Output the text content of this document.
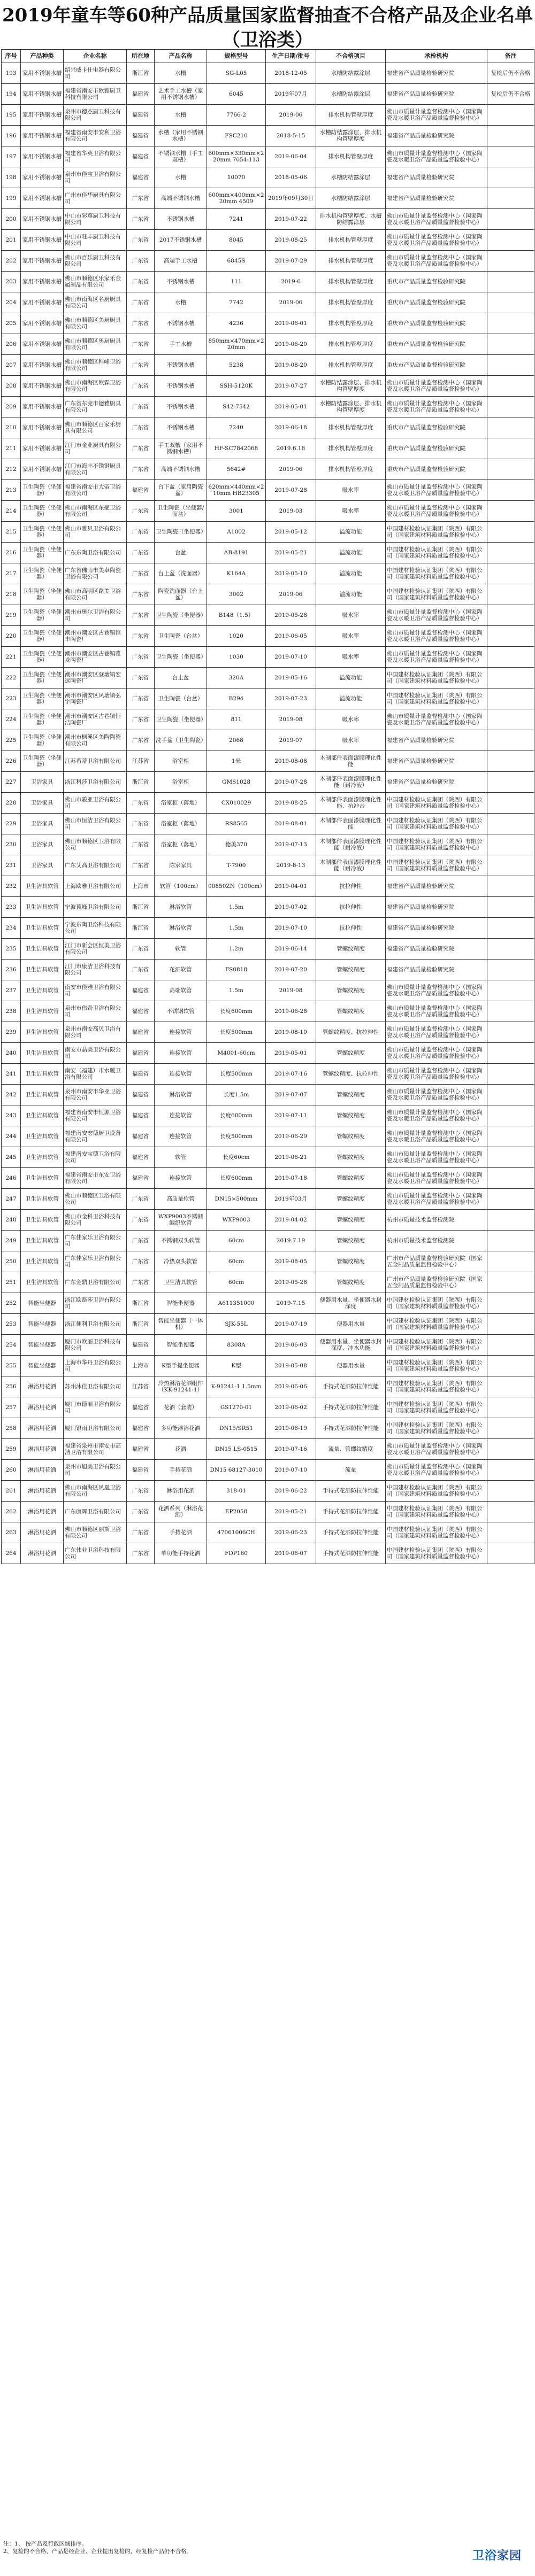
2019年童车等60种产品质量国家监督抽查不合格产品及企业名单（卫浴类）
序号	产品种类	企业名称	所在地	产品名称	规格型号	生产日期/批号	不合格项目	承检机构	备注
193	家用不锈钢水槽	绍兴威卡仕电器有限公司	浙江省	水槽	SG-L05	2018-12-05	水槽防结露涂层	福建省产品质量检验研究院	复检后仍不合格
194	家用不锈钢水槽	福建省南安市欧雅厨卫科技有限公司	福建省	艺术手工水槽（家用不锈钢水槽）	6045	2019年07月	水槽防结露涂层	福建省产品质量检验研究院	复检后仍不合格
195	家用不锈钢水槽	泉州市德杰厨卫科技有限公司	福建省	水槽	7766-2	2019-06	排水机构管壁厚度	佛山市质量计量监督检测中心（国家陶瓷及水暖卫浴产品质量监督检验中心）	
196	家用不锈钢水槽	福建省南安市安利卫浴有限公司	福建省	水槽（家用不锈钢水槽）	FSC210	2018-5-15	水槽防结露涂层、排水机构管壁厚度	福建省产品质量检验研究院	
197	家用不锈钢水槽	福建省华英卫浴有限公司	福建省	不锈钢水槽（手工双槽）	600mm×330mm×220mm 7054-113	2019-06-04	排水机构管壁厚度	佛山市质量计量监督检测中心（国家陶瓷及水暖卫浴产品质量监督检验中心）	
198	家用不锈钢水槽	泉州市佳宝卫浴有限公司	福建省	水槽	10070	2018-05-06	水槽防结露涂层	福建省产品质量检验研究院	
199	家用不锈钢水槽	广州市佳华厨具有限公司	广东省	高端不锈钢水槽	600mm×400mm×220mm 4509	2019年09月30日	水槽防结露涂层	福建省产品质量检验研究院	
200	家用不锈钢水槽	中山市彩尊厨卫科技有限公司	广东省	不锈钢水槽	7241	2019-07-22	排水机构管壁厚度、水槽防结露涂层	佛山市质量计量监督检测中心（国家陶瓷及水暖卫浴产品质量监督检验中心）	
201	家用不锈钢水槽	中山市旺丰厨卫科技有限公司	广东省	2017不锈钢水槽	8045	2019-08-25	排水机构管壁厚度	佛山市质量计量监督检测中心（国家陶瓷及水暖卫浴产品质量监督检验中心）	
202	家用不锈钢水槽	佛山市百乐厨卫科技有限公司	广东省	高端手工水槽	6845S	2019-07-29	排水机构管壁厚度	佛山市质量计量监督检测中心（国家陶瓷及水暖卫浴产品质量监督检验中心）	
203	家用不锈钢水槽	佛山市顺德区乐家乐金属制品有限公司	广东省	不锈钢水槽	111	2019-6	排水机构管壁厚度	重庆市产品质量监督检验研究院	
204	家用不锈钢水槽	佛山市南海区名厨厨具有限公司	广东省	水槽	7742	2019-06	排水机构管壁厚度	重庆市产品质量监督检验研究院	
205	家用不锈钢水槽	佛山市顺德区美厨厨具有限公司	广东省	不锈钢水槽	4236	2019-06-01	排水机构管壁厚度	重庆市产品质量监督检验研究院	
206	家用不锈钢水槽	佛山市顺德区奥厨厨具有限公司	广东省	手工水槽	850mm×470mm×220mm	2019-06-20	排水机构管壁厚度	重庆市产品质量监督检验研究院	
207	家用不锈钢水槽	佛山市顺德区科峰卫浴有限公司	广东省	不锈钢水槽	5238	2019-08-20	排水机构管壁厚度	重庆市产品质量监督检验研究院	
208	家用不锈钢水槽	佛山市南海区欧霖卫浴有限公司	广东省	不锈钢水槽	SSH-5120K	2019-07-27	水槽防结露涂层、排水机构管壁厚度	佛山市质量计量监督检测中心（国家陶瓷及水暖卫浴产品质量监督检验中心）	
209	家用不锈钢水槽	广东省东莞市德雅厨具有限公司	广东省	不锈钢水槽	S42-7542	2019-05-01	水槽防结露涂层、排水机构管壁厚度	佛山市质量计量监督检测中心（国家陶瓷及水暖卫浴产品质量监督检验中心）	
210	家用不锈钢水槽	佛山市顺德区百家乐厨具有限公司	广东省	不锈钢水槽	7240	2019-06-18	排水机构管壁厚度	重庆市产品质量监督检验研究院	
211	家用不锈钢水槽	江门市金业厨具有限公司	广东省	手工双槽（家用不锈钢水槽）	HF-SC7842068	2019.6.18	排水机构管壁厚度	重庆市产品质量监督检验研究院	
212	家用不锈钢水槽	江门市海丰不锈钢厨具有限公司	广东省	高端不锈钢水槽	5642#	2019-06	排水机构管壁厚度	重庆市产品质量监督检验研究院	
213	卫生陶瓷（坐便器）	福建省南安市大帝卫浴有限公司	福建省	台下盆（家用陶瓷盆）	620mm×440mm×210mm HB23305	2019-07-28	吸水率	佛山市质量计量监督检测中心（国家陶瓷及水暖卫浴产品质量监督检验中心）	
214	卫生陶瓷（坐便器）	佛山市南海区东豪卫浴有限公司	广东省	卫生陶瓷（坐便器/面盆）	3001	2019-03	吸水率	佛山市质量计量监督检测中心（国家陶瓷及水暖卫浴产品质量监督检验中心）	
215	卫生陶瓷（坐便器）	佛山市雅贝卫浴有限公司	广东省	卫生陶瓷（坐便器）	A1002	2019-05-12	溢流功能	中国建材检验认证集团（陕西）有限公司（国家建筑材料质量监督检验中心）	
216	卫生陶瓷（坐便器）	广东东陶卫浴有限公司	广东省	台盆	AB-8191	2019-05-21	溢流功能	中国建材检验认证集团（陕西）有限公司（国家建筑材料质量监督检验中心）	
217	卫生陶瓷（坐便器）	广东省佛山市美卓陶瓷卫浴有限公司	广东省	台上盆（洗面器）	K164A	2019-05-10	溢流功能	中国建材检验认证集团（陕西）有限公司（国家建筑材料质量监督检验中心）	
218	卫生陶瓷（坐便器）	佛山市高明区路美卫浴有限公司	广东省	陶瓷洗面器（台上盆）	3002	2019-06	溢流功能	中国建材检验认证集团（陕西）有限公司（国家建筑材料质量监督检验中心）	
219	卫生陶瓷（坐便器）	潮州市奥尔卫浴有限公司	广东省	卫生陶瓷（坐便器）	B148（1.5）	2019-05-28	吸水率	佛山市质量计量监督检测中心（国家陶瓷及水暖卫浴产品质量监督检验中心）	
220	卫生陶瓷（坐便器）	潮州市潮安区古巷镇恒丰陶瓷厂	广东省	卫生陶瓷（台盆）	1020	2019-06-05	吸水率	佛山市质量计量监督检测中心（国家陶瓷及水暖卫浴产品质量监督检验中心）	
221	卫生陶瓷（坐便器）	潮州市潮安区古巷镇雅龙陶瓷厂	广东省	卫生陶瓷（坐便器）	1030	2019-07-10	吸水率	佛山市质量计量监督检测中心（国家陶瓷及水暖卫浴产品质量监督检验中心）	
222	卫生陶瓷（坐便器）	潮州市潮安区登塘镇宏远陶瓷厂	广东省	台上盆	320A	2019-05-16	溢流功能	中国建材检验认证集团（陕西）有限公司（国家建筑材料质量监督检验中心）	
223	卫生陶瓷（坐便器）	潮州市潮安区凤塘镇弘宇陶瓷厂	广东省	卫生陶瓷（台盆）	B294	2019-07-23	溢流功能	中国建材检验认证集团（陕西）有限公司（国家建筑材料质量监督检验中心）	
224	卫生陶瓷（坐便器）	潮州市潮安区古巷镇恒洁陶瓷厂	广东省	卫生陶瓷（坐便器）	811	2019-08	吸水率	佛山市质量计量监督检测中心（国家陶瓷及水暖卫浴产品质量监督检验中心）	
225	卫生陶瓷（坐便器）	潮州市枫溪区美陶陶瓷有限公司	广东省	洗手盆（卫生陶瓷）	2068	2019-07	吸水率	福建省产品质量检验研究院	
226	卫生陶瓷（坐便器）	江苏希蒂卫浴有限公司	江苏省	浴室柜	1米	2019-08-08	木制部件表面漆膜理化性能	福建省产品质量检验研究院	
227	卫浴家具	浙江科莎卫浴有限公司	浙江省	浴室柜	GMS1028	2019-07-28	木制部件表面漆膜理化性能（耐冷液）	福建省产品质量检验研究院	
228	卫浴家具	佛山市骏亚卫浴有限公司	广东省	浴室柜（落地）	CX010029	2019-08-25	木制部件表面漆膜理化性能、抗冲击	中国建材检验认证集团（陕西）有限公司（国家建筑材料质量监督检验中心）	
229	卫浴家具	佛山市恒洁卫浴有限公司	广东省	浴室柜（落地）	RS8565	2019-08-01	木制部件表面漆膜理化性能	中国建材检验认证集团（陕西）有限公司（国家建筑材料质量监督检验中心）	
230	卫浴家具	佛山市顺德区卫浴有限公司	广东省	浴室柜（落地）	德美370	2019-07-13	木制部件表面漆膜理化性能（耐冷液）	中国建材检验认证集团（陕西）有限公司（国家建筑材料质量监督检验中心）	
231	卫浴家具	广东艾高卫浴有限公司	广东省	陈家家具	T-7900	2019-8-13	木制部件表面漆膜理化性能（耐冷液）	中国建材检验认证集团（陕西）有限公司（国家建筑材料质量监督检验中心）	
232	卫生洁具软管	上海欧雅卫浴有限公司	上海市	软管（100cm）	00850ZN（100cm）	2019-04-01	抗拉伸性	福建省产品质量检验研究院	
233	卫生洁具软管	宁波顶峰卫浴有限公司	浙江省	淋浴软管	1.5m	2019-07-02	抗拉伸性	福建省产品质量检验研究院	
234	卫生洁具软管	宁波东陶卫浴科技有限公司	浙江省	淋浴软管	1.5m	2019-07-10	抗拉伸性	福建省产品质量检验研究院	
235	卫生洁具软管	江门市新会区恒美卫浴有限公司	广东省	软管	1.2m	2019-06-14	管螺纹精度	福建省产品质量检验研究院	
236	卫生洁具软管	江门市康洁卫浴科技有限公司	广东省	花洒软管	FS0818	2019-07-20	管螺纹精度	福建省产品质量检验研究院	
237	卫生洁具软管	南安市佳雅卫浴有限公司	福建省	高端软管	1.5m	2019-08	管螺纹精度	佛山市质量计量监督检测中心（国家陶瓷及水暖卫浴产品质量监督检验中心）	
238	卫生洁具软管	泉州市伟奇卫浴有限公司	福建省	不锈钢软管	长度600mm	2019-06-28	管螺纹精度	佛山市质量计量监督检测中心（国家陶瓷及水暖卫浴产品质量监督检验中心）	
239	卫生洁具软管	泉州市南安高贝卫浴有限公司	福建省	连接软管	长度500mm	2019-08-10	管螺纹精度、抗拉伸性	佛山市质量计量监督检测中心（国家陶瓷及水暖卫浴产品质量监督检验中心）	
240	卫生洁具软管	南安市晶美卫浴有限公司	福建省	连接软管	M4001-60cm	2019-05-01	管螺纹精度	佛山市质量计量监督检测中心（国家陶瓷及水暖卫浴产品质量监督检验中心）	
241	卫生洁具软管	南安（福建）市水暖卫浴有限公司	福建省	连接软管	长度500mm	2019-07-16	管螺纹精度、抗拉伸性	佛山市质量计量监督检测中心（国家陶瓷及水暖卫浴产品质量监督检验中心）	
242	卫生洁具软管	泉州市南安市华亚卫浴有限公司	福建省	淋浴软管	长度1.5m	2019-07-07	管螺纹精度	佛山市质量计量监督检测中心（国家陶瓷及水暖卫浴产品质量监督检验中心）	
243	卫生洁具软管	福建省南安市恒源卫浴有限公司	福建省	连接软管	长度600mm	2019-07-11	管螺纹精度	佛山市质量计量监督检测中心（国家陶瓷及水暖卫浴产品质量监督检验中心）	
244	卫生洁具软管	福建南安宏德厨卫设备有限公司	福建省	连接软管	长度500mm	2019-06-29	管螺纹精度	佛山市质量计量监督检测中心（国家陶瓷及水暖卫浴产品质量监督检验中心）	
245	卫生洁具软管	福建南安宝德卫浴有限公司	福建省	软管	长度60cm	2019-06-21	管螺纹精度	佛山市质量计量监督检测中心（国家陶瓷及水暖卫浴产品质量监督检验中心）	
246	卫生洁具软管	福建省南安市东安卫浴有限公司	福建省	连接软管	长度600mm	2019-07-18	管螺纹精度	佛山市质量计量监督检测中心（国家陶瓷及水暖卫浴产品质量监督检验中心）	
247	卫生洁具软管	佛山市顺德区卫浴有限公司	广东省	高质量软管	DN15×500mm	2019年03月	管螺纹精度	佛山市质量计量监督检测中心（国家陶瓷及水暖卫浴产品质量监督检验中心）	
248	卫生洁具软管	佛山市金科卫浴科技有限公司	广东省	WXP9003不锈钢编织软管	WXP9003	2019-04-02	管螺纹精度	杭州市质量技术监督检测院	
249	卫生洁具软管	广东佳家乐卫浴有限公司	广东省	不锈钢双头软管	60cm	2019.7.19	管螺纹精度	杭州市质量技术监督检测院	
250	卫生洁具软管	广东佳家乐卫浴有限公司	广东省	冷热双头软管	60cm	2019-08-05	管螺纹精度	广州市产品质量监督检验研究院（国家五金制品质量监督检验中心）	
251	卫生洁具软管	广东金鼎卫浴有限公司	广东省	卫生洁具软管	60cm	2019-05-28	管螺纹精度	广州市产品质量监督检验研究院（国家五金制品质量监督检验中心）	
252	智能坐便器	浙江欧路莎卫浴有限公司	浙江省	智能坐便器	A611351000	2019-7.15	便器用水量、坐便器水封深度	中国建材检验认证集团（陕西）有限公司（国家建筑材料质量监督检验中心）	
253	智能坐便器	浙江便利卫浴有限公司	浙江省	智能坐便器（一体机）	SJK-55L	2019-07-19	便器用水量	中国建材检验认证集团（陕西）有限公司（国家建筑材料质量监督检验中心）	
254	智能坐便器	厦门市欧丽卫浴科技有限公司	福建省	智能坐便器	8308A	2019-06-03	便器用水量、坐便器水封深度、冲水功能	中国建材检验认证集团（陕西）有限公司（国家建筑材料质量监督检验中心）	
255	智能坐便器	上海市华丹卫浴有限公司	上海市	K型手提坐便器	K型	2019-05-08	便器用水量	中国建材检验认证集团（陕西）有限公司（国家建筑材料质量监督检验中心）	
256	淋浴用花洒	苏州沐佳卫浴有限公司	江苏省	冷热淋浴花洒组件（KK-91241-1）	K-91241-1 1.5mm	2019-06-06	手持式花洒防拉伸性能	中国建材检验认证集团（陕西）有限公司（国家建筑材料质量监督检验中心）	
257	淋浴用花洒	厦门市德丽卫浴有限公司	福建省	花洒（套装）	GS1270-01	2019-06-02	手持式花洒防拉伸性能	中国建材检验认证集团（陕西）有限公司（国家建筑材料质量监督检验中心）	
258	淋浴用花洒	厦门银雨卫浴有限公司	福建省	多功能淋浴花洒	DN15/SR51	2019-06-19	手持式花洒防拉伸性能	中国建材检验认证集团（陕西）有限公司（国家建筑材料质量监督检验中心）	
259	淋浴用花洒	福建省泉州市南安市高洁卫浴有限公司	福建省	花洒	DN15 LS-0515	2019-07-16	流量、管螺纹精度	佛山市质量计量监督检测中心（国家陶瓷及水暖卫浴产品质量监督检验中心）	
260	淋浴用花洒	泉州市旭美卫浴有限公司	福建省	手持花洒	DN15 68127-3010	2019-07-10	流量	佛山市质量计量监督检测中心（国家陶瓷及水暖卫浴产品质量监督检验中心）	
261	淋浴用花洒	佛山市南海区凤凰卫浴有限公司	广东省	淋浴用花洒	318-01	2019-06-22	手持式花洒防拉伸性能	中国建材检验认证集团（陕西）有限公司（国家建筑材料质量监督检验中心）	
262	淋浴用花洒	广东康辉卫浴有限公司	广东省	花洒系列（淋浴花洒）	EP2058	2019-05-21	手持式花洒防拉伸性能	中国建材检验认证集团（陕西）有限公司（国家建筑材料质量监督检验中心）	
263	淋浴用花洒	佛山市顺德区丽斯卫浴有限公司	广东省	手持花洒	47061006CH	2019-06-23	手持式花洒防拉伸性能	中国建材检验认证集团（陕西）有限公司（国家建筑材料质量监督检验中心）	
264	淋浴用花洒	广东伟业卫浴科技有限公司	广东省	单功能手持花洒	FDP160	2019-06-07	手持式花洒防拉伸性能	中国建材检验认证集团（陕西）有限公司（国家建筑材料质量监督检验中心）	
注：1、 按产品及行政区域排序。
2、复检的不合格、产品是经企业、企业提出复检的，经复检产品仍不合格。	卫浴家园
